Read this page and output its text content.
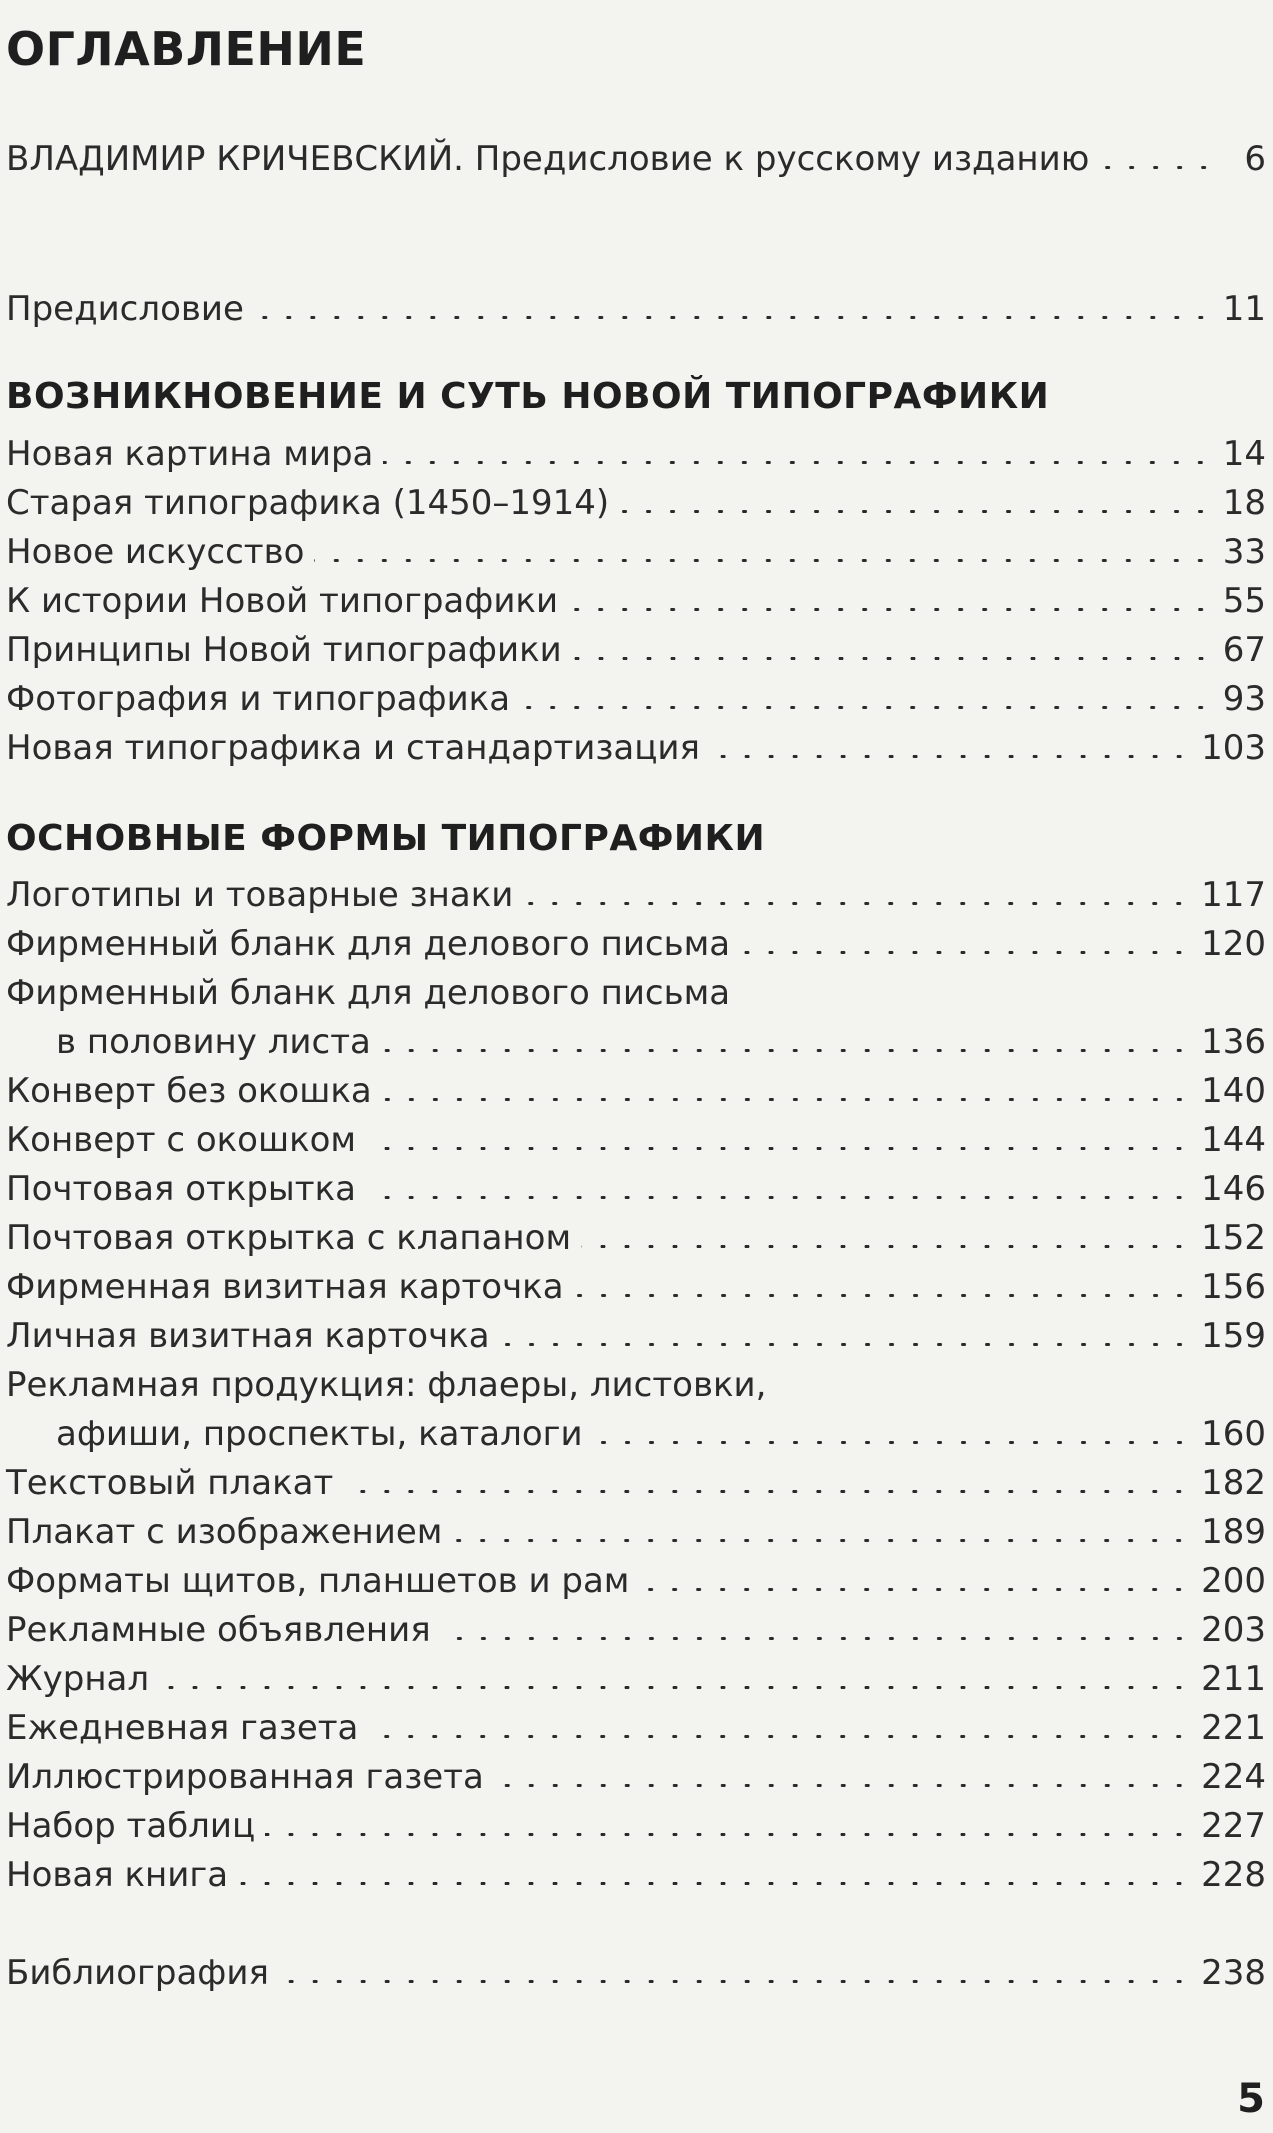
ОГЛАВЛЕНИЕ
ВЛАДИМИР КРИЧЕВСКИЙ. Предисловие к русскому изданию	6
Предисловие	11
ВОЗНИКНОВЕНИЕ И СУТЬ НОВОЙ ТИПОГРАФИКИ
Новая картина мира	14
Старая типографика (1450–1914)	18
Новое искусство	33
К истории Новой типографики	55
Принципы Новой типографики	67
Фотография и типографика	93
Новая типографика и стандартизация	103
ОСНОВНЫЕ ФОРМЫ ТИПОГРАФИКИ
Логотипы и товарные знаки	117
Фирменный бланк для делового письма	120
Фирменный бланк для делового письма
в половину листа	136
Конверт без окошка	140
Конверт с окошком	144
Почтовая открытка	146
Почтовая открытка с клапаном	152
Фирменная визитная карточка	156
Личная визитная карточка	159
Рекламная продукция: флаеры, листовки,
афиши, проспекты, каталоги	160
Текстовый плакат	182
Плакат с изображением	189
Форматы щитов, планшетов и рам	200
Рекламные объявления	203
Журнал	211
Ежедневная газета	221
Иллюстрированная газета	224
Набор таблиц	227
Новая книга	228
Библиография	238
5
